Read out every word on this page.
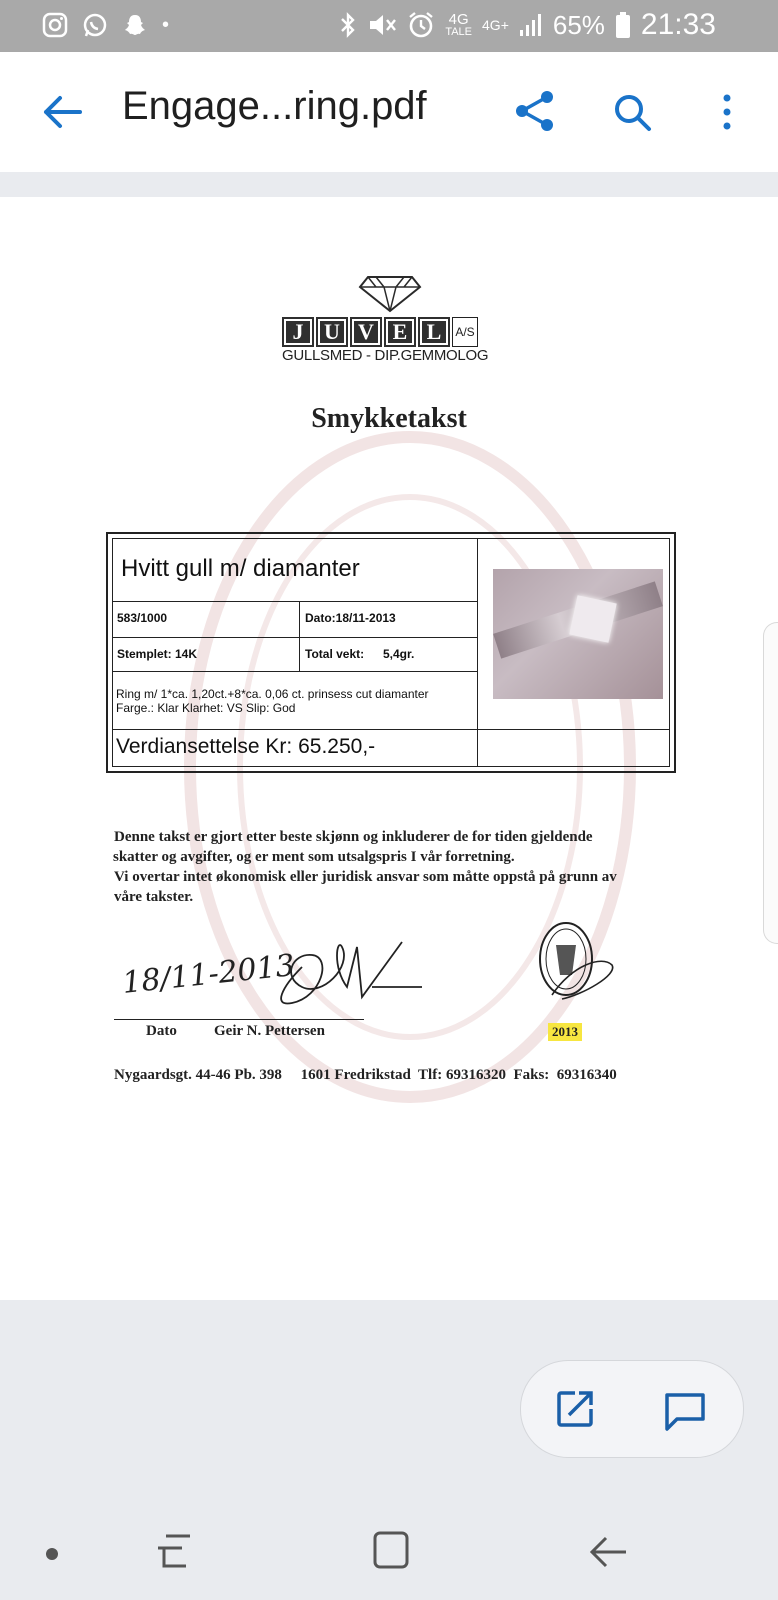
•	4G
TALE 4G+ 65% 21:33
Engage...ring.pdf
J U V E L	A/S
GULLSMED - DIP.GEMMOLOG
Smykketakst
Hvitt gull m/ diamanter
583/1000	Dato:18/11-2013
Stemplet: 14K	Total vekt: 5,4gr.
Ring m/ 1*ca. 1,20ct.+8*ca. 0,06 ct. prinsess cut diamanter
Farge.: Klar Klarhet: VS Slip: God
Verdiansettelse Kr: 65.250,-
Denne takst er gjort etter beste skjønn og inkluderer de for tiden gjeldende
skatter og avgifter, og er ment som utsalgspris I vår forretning.
Vi overtar intet økonomisk eller juridisk ansvar som måtte oppstå på grunn av
våre takster.
18/11-2013
Dato Geir N. Pettersen	2013
Nygaardsgt. 44-46 Pb. 398     1601 Fredrikstad  Tlf: 69316320  Faks:  69316340
